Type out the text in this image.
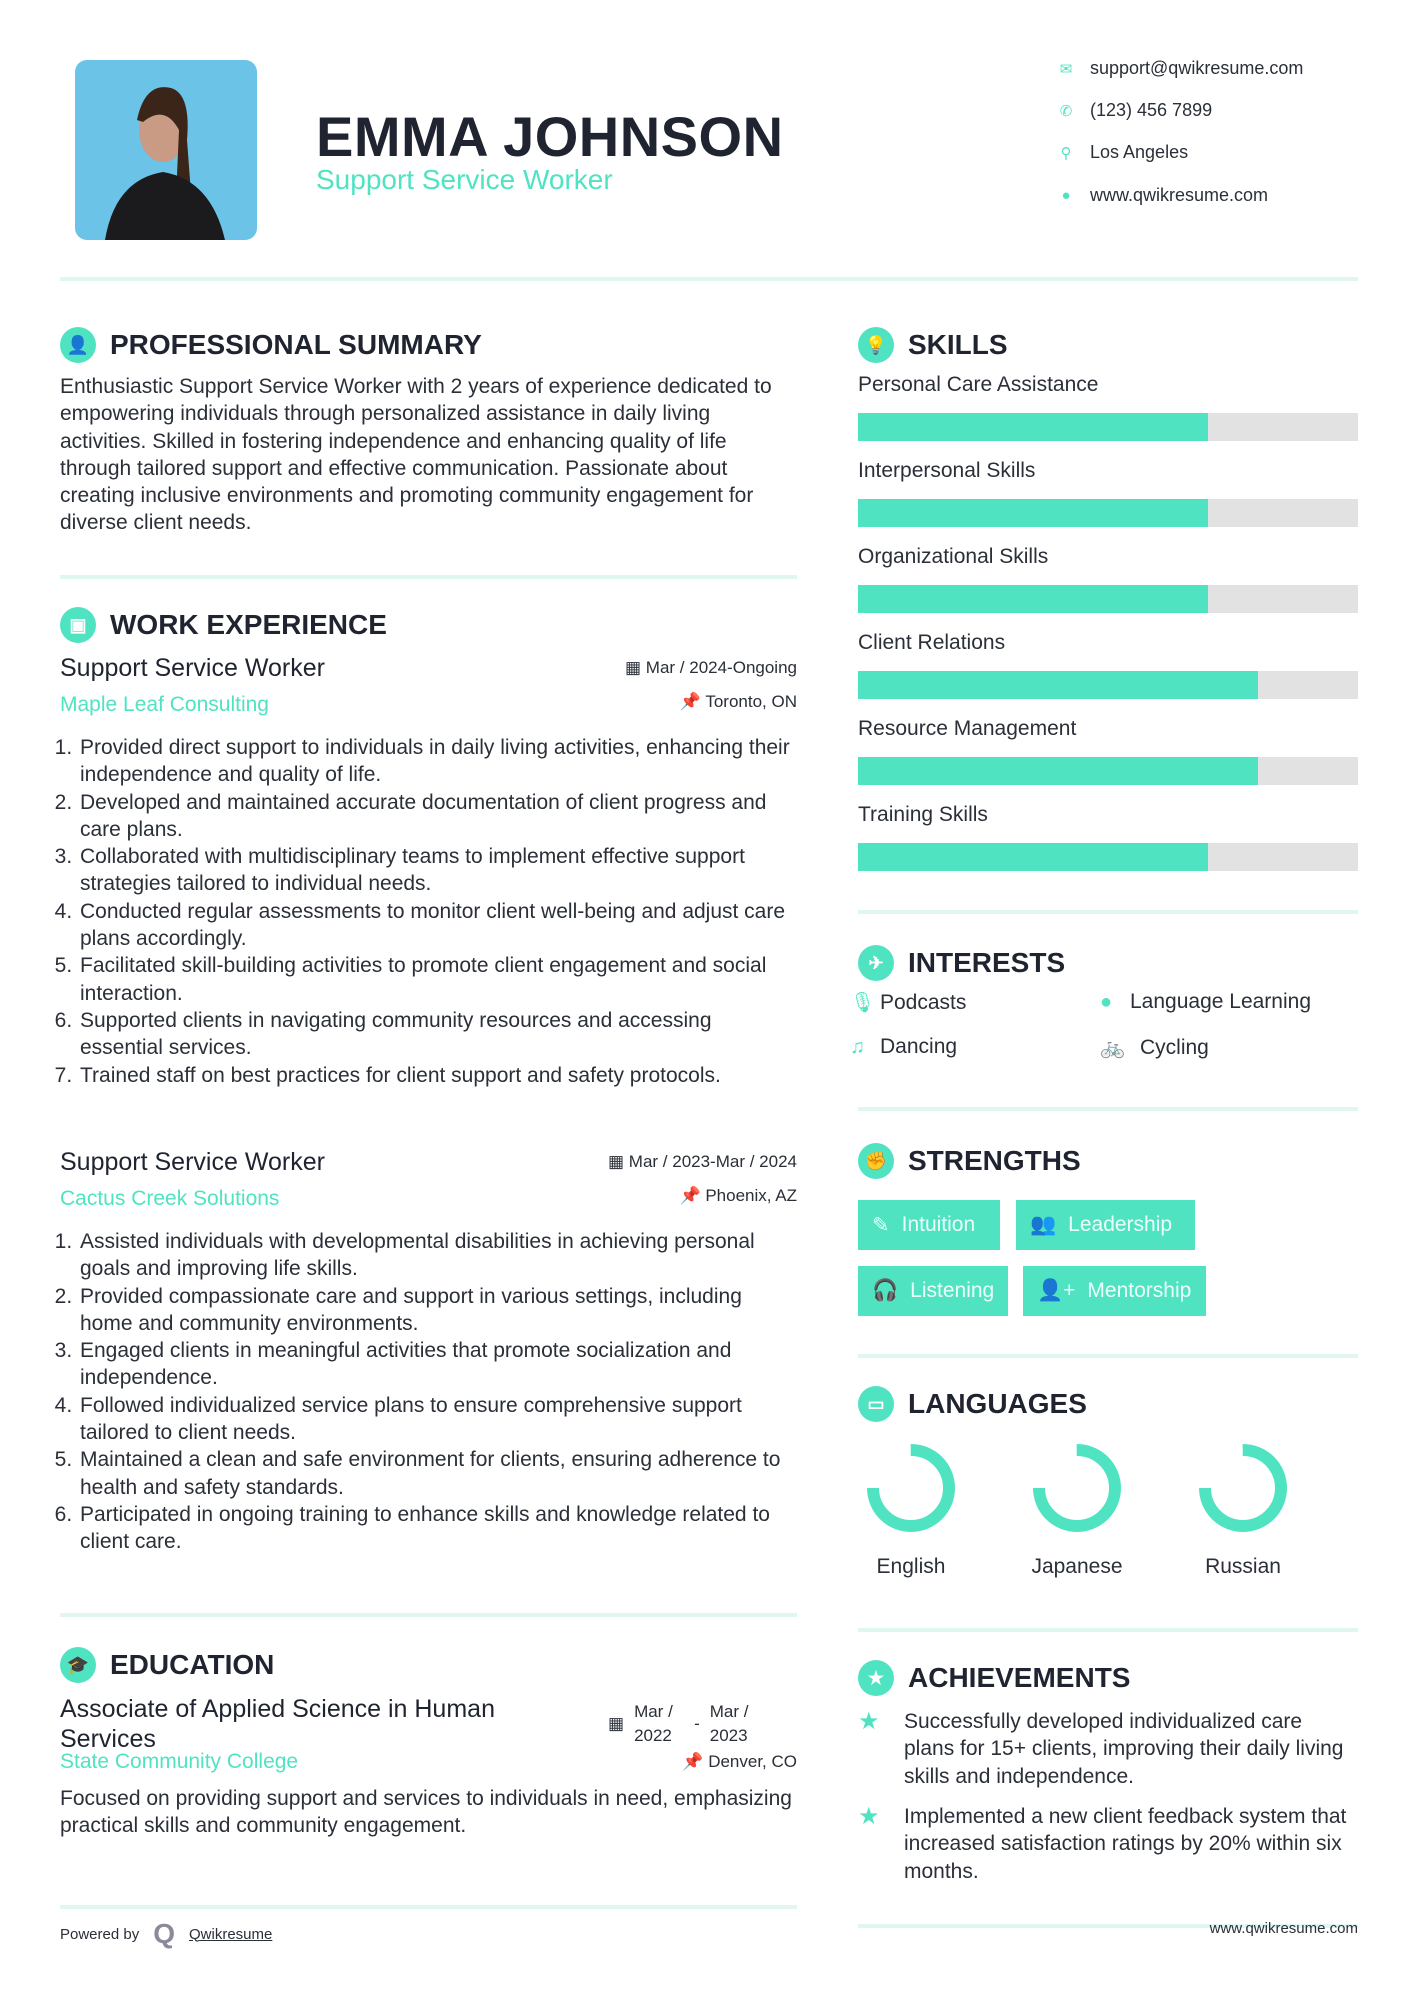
EMMA JOHNSON
Support Service Worker
✉ support@qwikresume.com
✆ (123) 456 7899
⚲ Los Angeles
● www.qwikresume.com
👤 PROFESSIONAL SUMMARY
Enthusiastic Support Service Worker with 2 years of experience dedicated to empowering individuals through personalized assistance in daily living activities. Skilled in fostering independence and enhancing quality of life through tailored support and effective communication. Passionate about creating inclusive environments and promoting community engagement for diverse client needs.
▣ WORK EXPERIENCE
Support Service Worker	▦ Mar / 2024-Ongoing
Maple Leaf Consulting	📌 Toronto, ON
1. Provided direct support to individuals in daily living activities, enhancing their independence and quality of life.
2. Developed and maintained accurate documentation of client progress and care plans.
3. Collaborated with multidisciplinary teams to implement effective support strategies tailored to individual needs.
4. Conducted regular assessments to monitor client well-being and adjust care plans accordingly.
5. Facilitated skill-building activities to promote client engagement and social interaction.
6. Supported clients in navigating community resources and accessing essential services.
7. Trained staff on best practices for client support and safety protocols.
Support Service Worker	▦ Mar / 2023-Mar / 2024
Cactus Creek Solutions	📌 Phoenix, AZ
1. Assisted individuals with developmental disabilities in achieving personal goals and improving life skills.
2. Provided compassionate care and support in various settings, including home and community environments.
3. Engaged clients in meaningful activities that promote socialization and independence.
4. Followed individualized service plans to ensure comprehensive support tailored to client needs.
5. Maintained a clean and safe environment for clients, ensuring adherence to health and safety standards.
6. Participated in ongoing training to enhance skills and knowledge related to client care.
🎓 EDUCATION
Associate of Applied Science in Human Services
▦
Mar / 2022
-
Mar / 2023
State Community College	📌 Denver, CO
Focused on providing support and services to individuals in need, emphasizing practical skills and community engagement.
Powered by Q Qwikresume
💡 SKILLS
Personal Care Assistance
Interpersonal Skills
Organizational Skills
Client Relations
Resource Management
Training Skills
✈ INTERESTS
🎙 Podcasts	● Language Learning
♫ Dancing	🚲 Cycling
✊ STRENGTHS
✎ Intuition	👥 Leadership
🎧 Listening 👤+ Mentorship
▭ LANGUAGES
English	Japanese	Russian
★ ACHIEVEMENTS
★	Successfully developed individualized care plans for 15+ clients, improving their daily living skills and independence.
★	Implemented a new client feedback system that increased satisfaction ratings by 20% within six months.
www.qwikresume.com
